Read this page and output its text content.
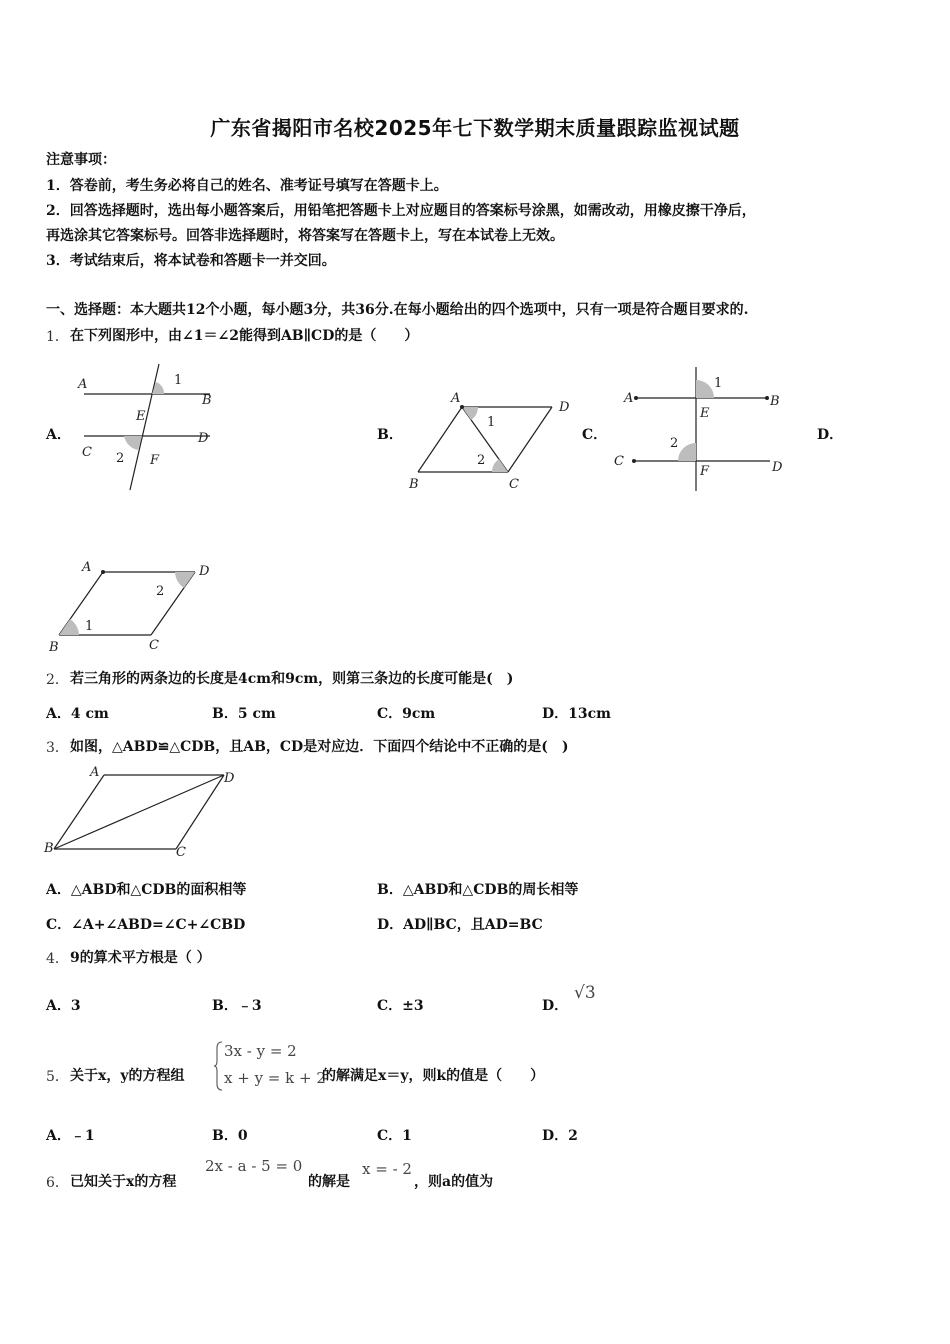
广东省揭阳市名校2025年七下数学期末质量跟踪监视试题
注意事项：
1．答卷前，考生务必将自己的姓名、准考证号填写在答题卡上。
2．回答选择题时，选出每小题答案后，用铅笔把答题卡上对应题目的答案标号涂黑，如需改动，用橡皮擦干净后，
再选涂其它答案标号。回答非选择题时，将答案写在答题卡上，写在本试卷上无效。
3．考试结束后，将本试卷和答题卡一并交回。
一、选择题：本大题共12个小题，每小题3分，共36分.在每小题给出的四个选项中，只有一项是符合题目要求的.
1． 在下列图形中，由∠1＝∠2能得到AB∥CD的是（　　）
A．	B．	C．	D．
A	1
B
E
C 2 F
D
A
1
D
2
B	C
A
1
B
E
2
C
F	D
A	D
2
1
B	C
2． 若三角形的两条边的长度是4cm和9cm，则第三条边的长度可能是(　)
A．4 cm	B．5 cm	C．9cm	D．13cm
3． 如图，△ABD≌△CDB，且AB，CD是对应边．下面四个结论中不正确的是(　)
A	D
B	C
A．△ABD和△CDB的面积相等	B．△ABD和△CDB的周长相等
C．∠A+∠ABD=∠C+∠CBD	D．AD∥BC，且AD=BC
4． 9的算术平方根是（ ）
A．3	B．﹣3	C．±3	D．
√3
5． 关于x，y的方程组
3x - y = 2
x + y = k + 2
的解满足x＝y，则k的值是（　　）
A．﹣1	B．0	C．1	D．2
6． 已知关于x的方程
2x - a - 5 = 0
的解是
x = - 2
，则a的值为
